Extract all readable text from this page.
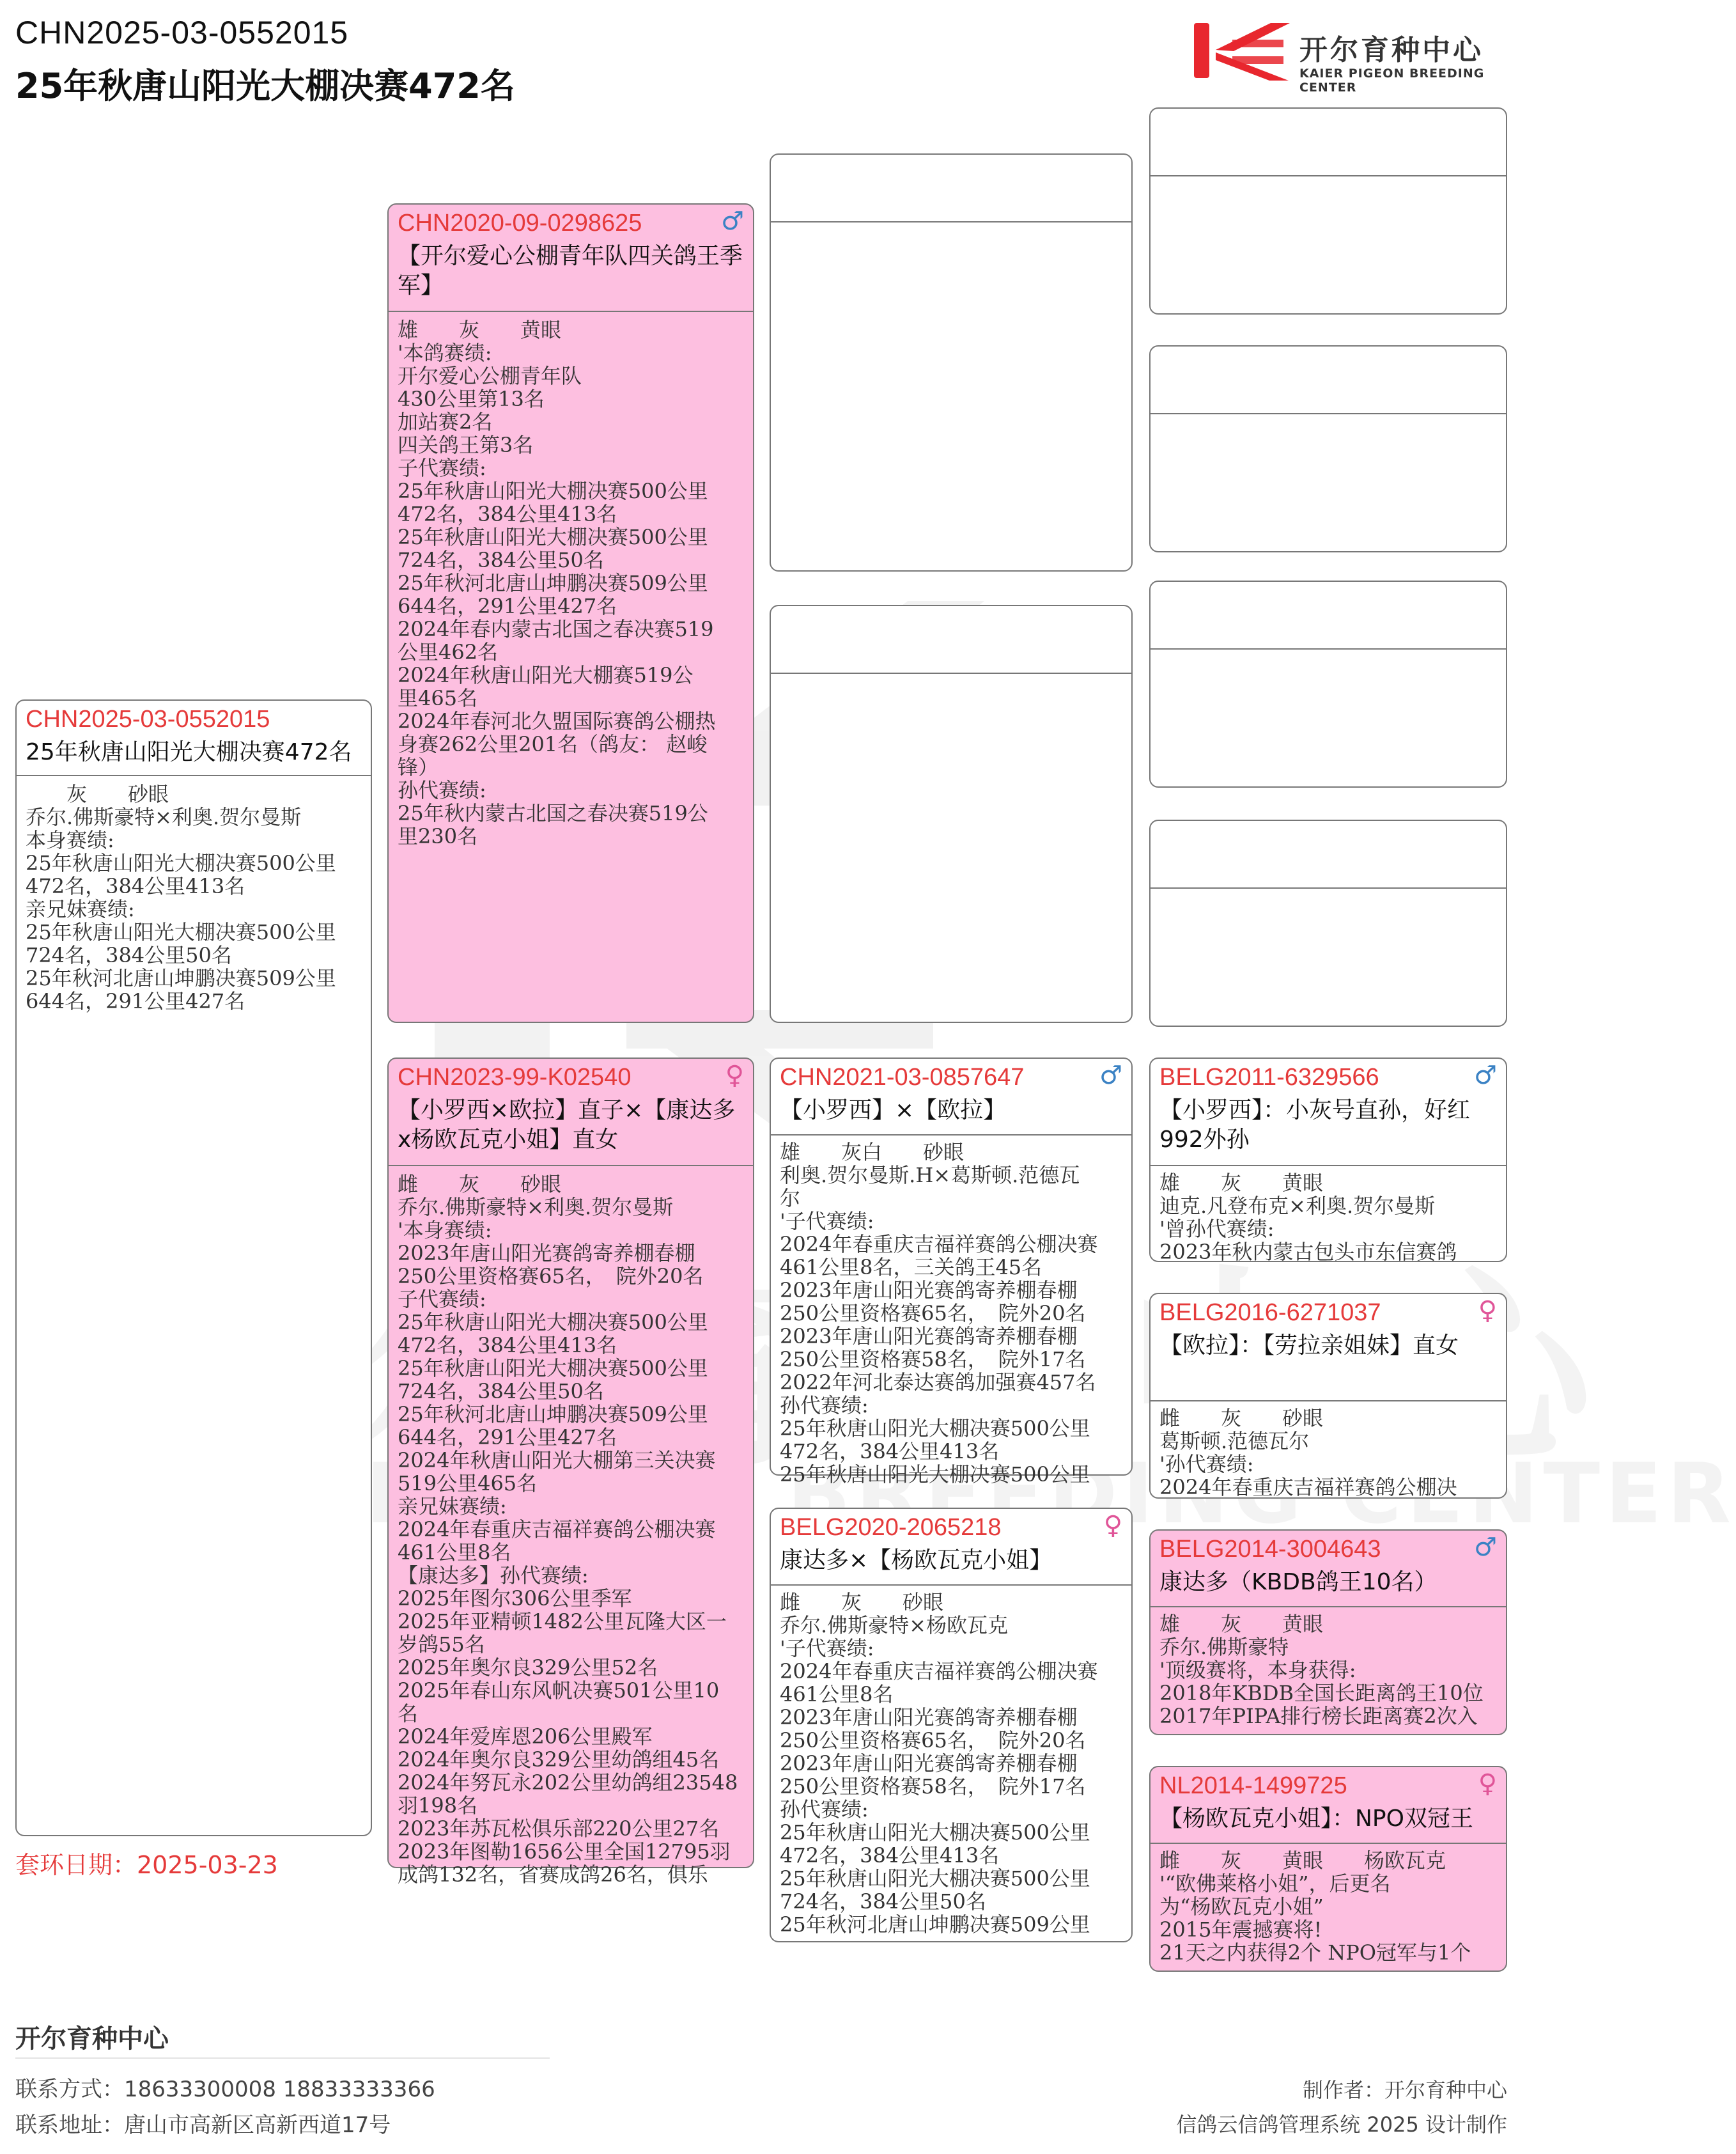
CHN2025-03-0552015
25年秋唐山阳光大棚决赛472名
开尔育种中心
KAIER PIGEON BREEDING CENTER
CHN2025-03-0552015
25年秋唐山阳光大棚决赛472名
　　灰　　砂眼
乔尔.佛斯豪特×利奥.贺尔曼斯
本身赛绩:
25年秋唐山阳光大棚决赛500公里
472名，384公里413名
亲兄妹赛绩:
25年秋唐山阳光大棚决赛500公里
724名，384公里50名
25年秋河北唐山坤鹏决赛509公里
644名，291公里427名
CHN2020-09-0298625	♂
【开尔爱心公棚青年队四关鸽王季军】
雄　　灰　　黄眼
'本鸽赛绩:
开尔爱心公棚青年队
430公里第13名
加站赛2名
四关鸽王第3名
子代赛绩:
25年秋唐山阳光大棚决赛500公里
472名，384公里413名
25年秋唐山阳光大棚决赛500公里
724名，384公里50名
25年秋河北唐山坤鹏决赛509公里
644名，291公里427名
2024年春内蒙古北国之春决赛519
公里462名
2024年秋唐山阳光大棚赛519公
里465名
2024年春河北久盟国际赛鸽公棚热
身赛262公里201名（鸽友： 赵峻
锋）
孙代赛绩:
25年秋内蒙古北国之春决赛519公
里230名
CHN2023-99-K02540	♀
【小罗西×欧拉】直子×【康达多x杨欧瓦克小姐】直女
雌　　灰　　砂眼
乔尔.佛斯豪特×利奥.贺尔曼斯
'本身赛绩:
2023年唐山阳光赛鸽寄养棚春棚
250公里资格赛65名，　院外20名
子代赛绩:
25年秋唐山阳光大棚决赛500公里
472名，384公里413名
25年秋唐山阳光大棚决赛500公里
724名，384公里50名
25年秋河北唐山坤鹏决赛509公里
644名，291公里427名
2024年秋唐山阳光大棚第三关决赛
519公里465名
亲兄妹赛绩:
2024年春重庆吉福祥赛鸽公棚决赛
461公里8名
【康达多】孙代赛绩:
2025年图尔306公里季军
2025年亚精顿1482公里瓦隆大区一
岁鸽55名
2025年奥尔良329公里52名
2025年春山东风帆决赛501公里10
名
2024年爱库恩206公里殿军
2024年奥尔良329公里幼鸽组45名
2024年努瓦永202公里幼鸽组23548
羽198名
2023年苏瓦松俱乐部220公里27名
2023年图勒1656公里全国12795羽
成鸽132名，省赛成鸽26名，俱乐
CHN2021-03-0857647	♂
【小罗西】×【欧拉】
雄　　灰白　　砂眼
利奥.贺尔曼斯.H×葛斯顿.范德瓦
尔
'子代赛绩:
2024年春重庆吉福祥赛鸽公棚决赛
461公里8名，三关鸽王45名
2023年唐山阳光赛鸽寄养棚春棚
250公里资格赛65名，　院外20名
2023年唐山阳光赛鸽寄养棚春棚
250公里资格赛58名，　院外17名
2022年河北泰达赛鸽加强赛457名
孙代赛绩:
25年秋唐山阳光大棚决赛500公里
472名，384公里413名
25年秋唐山阳光大棚决赛500公里
BELG2020-2065218	♀
康达多×【杨欧瓦克小姐】
雌　　灰　　砂眼
乔尔.佛斯豪特×杨欧瓦克
'子代赛绩:
2024年春重庆吉福祥赛鸽公棚决赛
461公里8名
2023年唐山阳光赛鸽寄养棚春棚
250公里资格赛65名，　院外20名
2023年唐山阳光赛鸽寄养棚春棚
250公里资格赛58名，　院外17名
孙代赛绩:
25年秋唐山阳光大棚决赛500公里
472名，384公里413名
25年秋唐山阳光大棚决赛500公里
724名，384公里50名
25年秋河北唐山坤鹏决赛509公里
BELG2011-6329566	♂
【小罗西】：小灰号直孙，好红992外孙
雄　　灰　　黄眼
迪克.凡登布克×利奥.贺尔曼斯
'曾孙代赛绩:
2023年秋内蒙古包头市东信赛鸽
BELG2016-6271037	♀
【欧拉】：【劳拉亲姐妹】直女
雌　　灰　　砂眼
葛斯顿.范德瓦尔
'孙代赛绩:
2024年春重庆吉福祥赛鸽公棚决
BELG2014-3004643	♂
康达多（KBDB鸽王10名）
雄　　灰　　黄眼
乔尔.佛斯豪特
'顶级赛将，本身获得:
2018年KBDB全国长距离鸽王10位
2017年PIPA排行榜长距离赛2次入
NL2014-1499725	♀
【杨欧瓦克小姐】：NPO双冠王
雌　　灰　　黄眼　　杨欧瓦克
'“欧佛莱格小姐”，后更名
为“杨欧瓦克小姐”
2015年震撼赛将!
21天之内获得2个 NPO冠军与1个
套环日期：2025-03-23
开尔育种中心
联系方式：18633300008 18833333366
联系地址：唐山市高新区高新西道17号
制作者：开尔育种中心
信鸽云信鸽管理系统 2025 设计制作
